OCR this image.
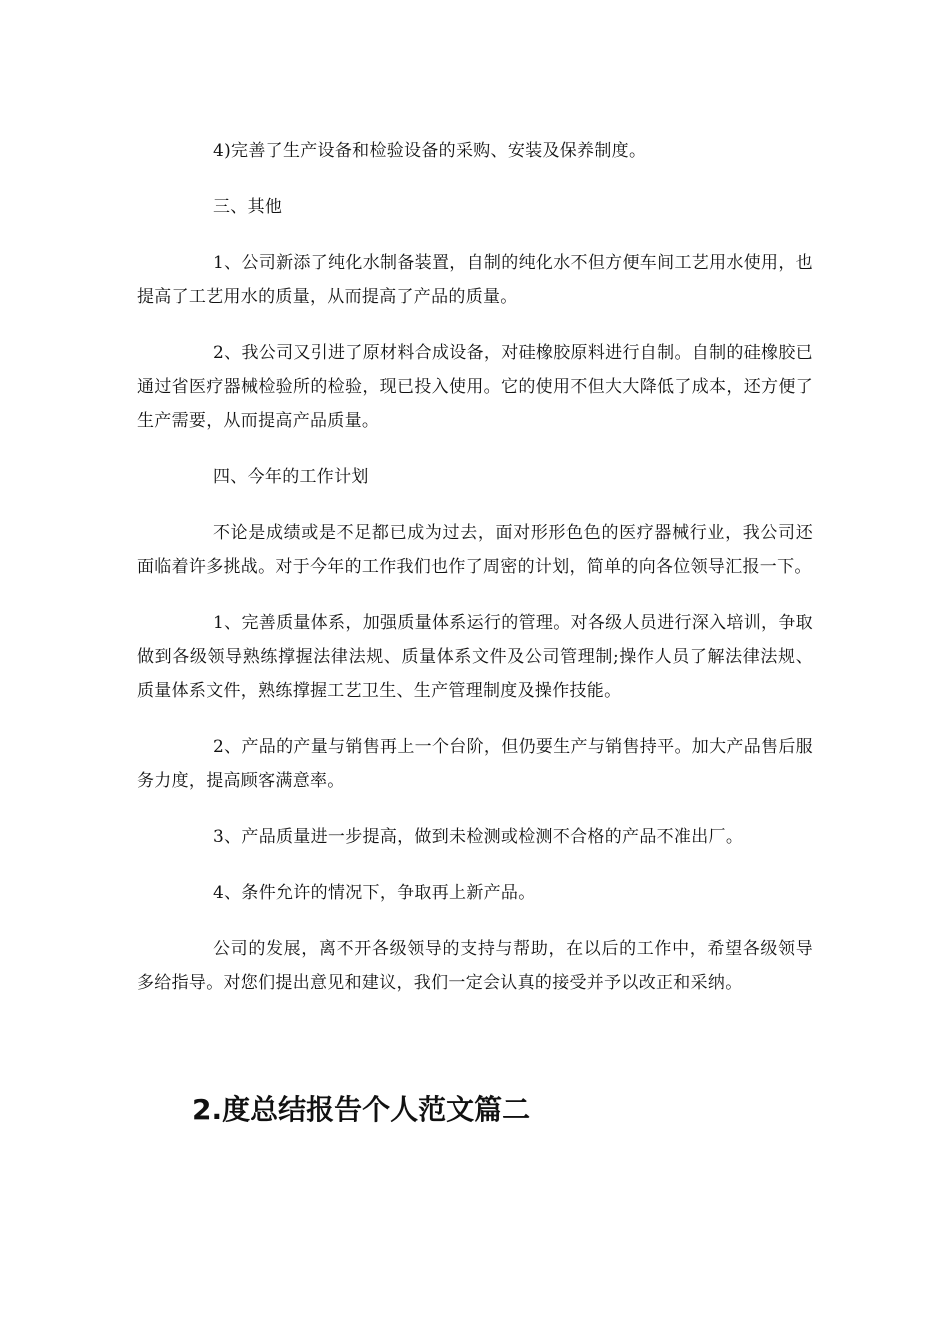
4)完善了生产设备和检验设备的采购、安装及保养制度。

三、其他

1、公司新添了纯化水制备装置，自制的纯化水不但方便车间工艺用水使用，也提高了工艺用水的质量，从而提高了产品的质量。

2、我公司又引进了原材料合成设备，对硅橡胶原料进行自制。自制的硅橡胶已通过省医疗器械检验所的检验，现已投入使用。它的使用不但大大降低了成本，还方便了生产需要，从而提高产品质量。

四、今年的工作计划

不论是成绩或是不足都已成为过去，面对形形色色的医疗器械行业，我公司还面临着许多挑战。对于今年的工作我们也作了周密的计划，简单的向各位领导汇报一下。

1、完善质量体系，加强质量体系运行的管理。对各级人员进行深入培训，争取做到各级领导熟练撑握法律法规、质量体系文件及公司管理制;操作人员了解法律法规、质量体系文件，熟练撑握工艺卫生、生产管理制度及操作技能。

2、产品的产量与销售再上一个台阶，但仍要生产与销售持平。加大产品售后服务力度，提高顾客满意率。

3、产品质量进一步提高，做到未检测或检测不合格的产品不准出厂。

4、条件允许的情况下，争取再上新产品。

公司的发展，离不开各级领导的支持与帮助，在以后的工作中，希望各级领导多给指导。对您们提出意见和建议，我们一定会认真的接受并予以改正和采纳。

2.度总结报告个人范文篇二
